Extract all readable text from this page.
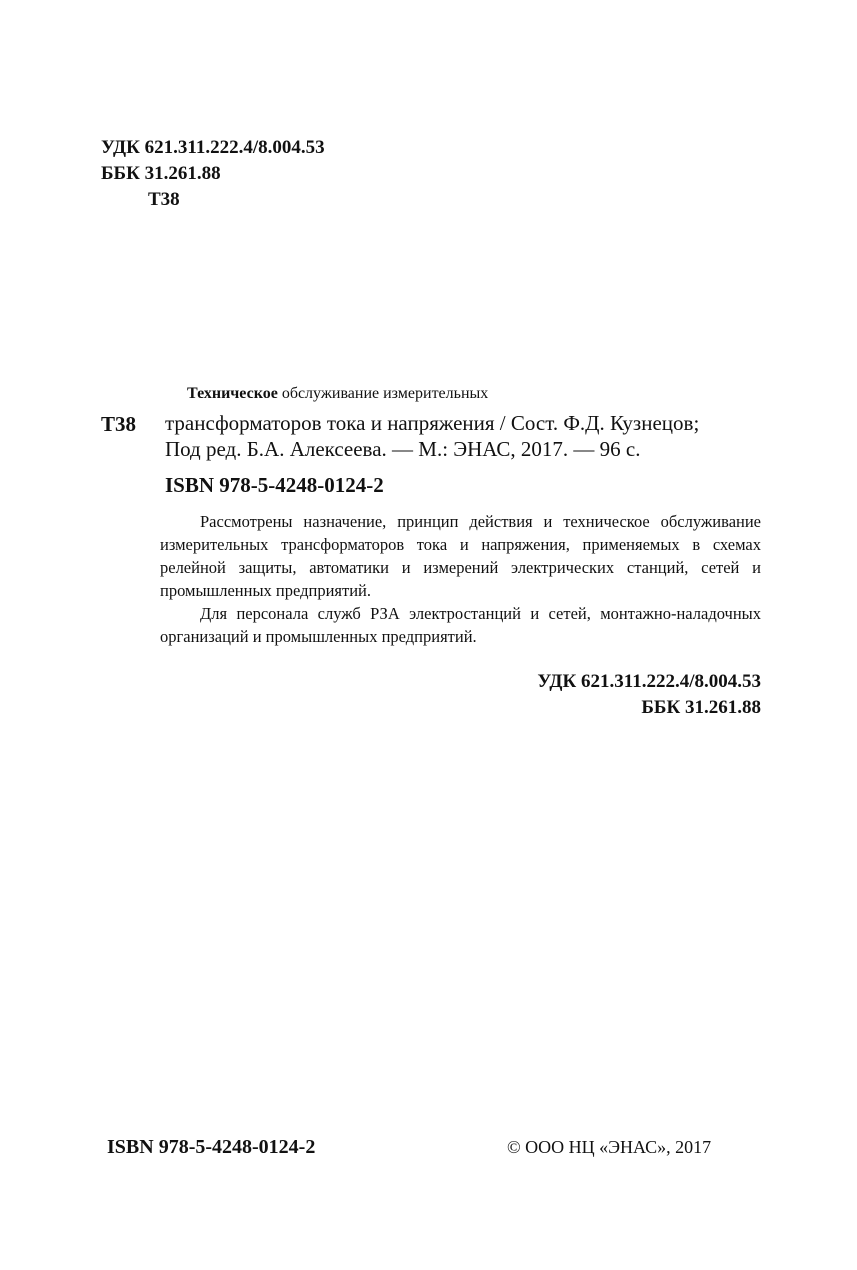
УДК 621.311.222.4/8.004.53
ББК 31.261.88
Т38
Т38
Техническое обслуживание измерительных
трансформаторов тока и напряжения / Сост. Ф.Д. Кузнецов;
Под ред. Б.А. Алексеева. — М.: ЭНАС, 2017. — 96 с.
ISBN 978-5-4248-0124-2

Рассмотрены назначение, принцип действия и техническое обслуживание измерительных трансформаторов тока и напряжения, применяемых в схемах релейной защиты, автоматики и измерений электрических станций, сетей и промышленных предприятий.

Для персонала служб РЗА электростанций и сетей, монтажно-наладочных организаций и промышленных предприятий.

УДК 621.311.222.4/8.004.53
ББК 31.261.88
ISBN 978-5-4248-0124-2	© ООО НЦ «ЭНАС», 2017
